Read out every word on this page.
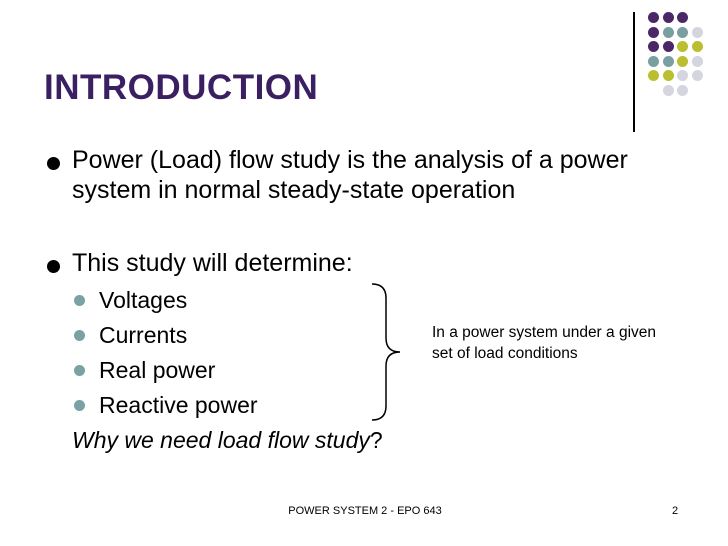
INTRODUCTION
Power (Load) flow study is the analysis of a power system in normal steady-state operation
This study will determine:
Voltages
Currents
Real power
Reactive power
Why we need load flow study?
In a power system under a given set of load conditions
POWER SYSTEM 2 - EPO 643	2
